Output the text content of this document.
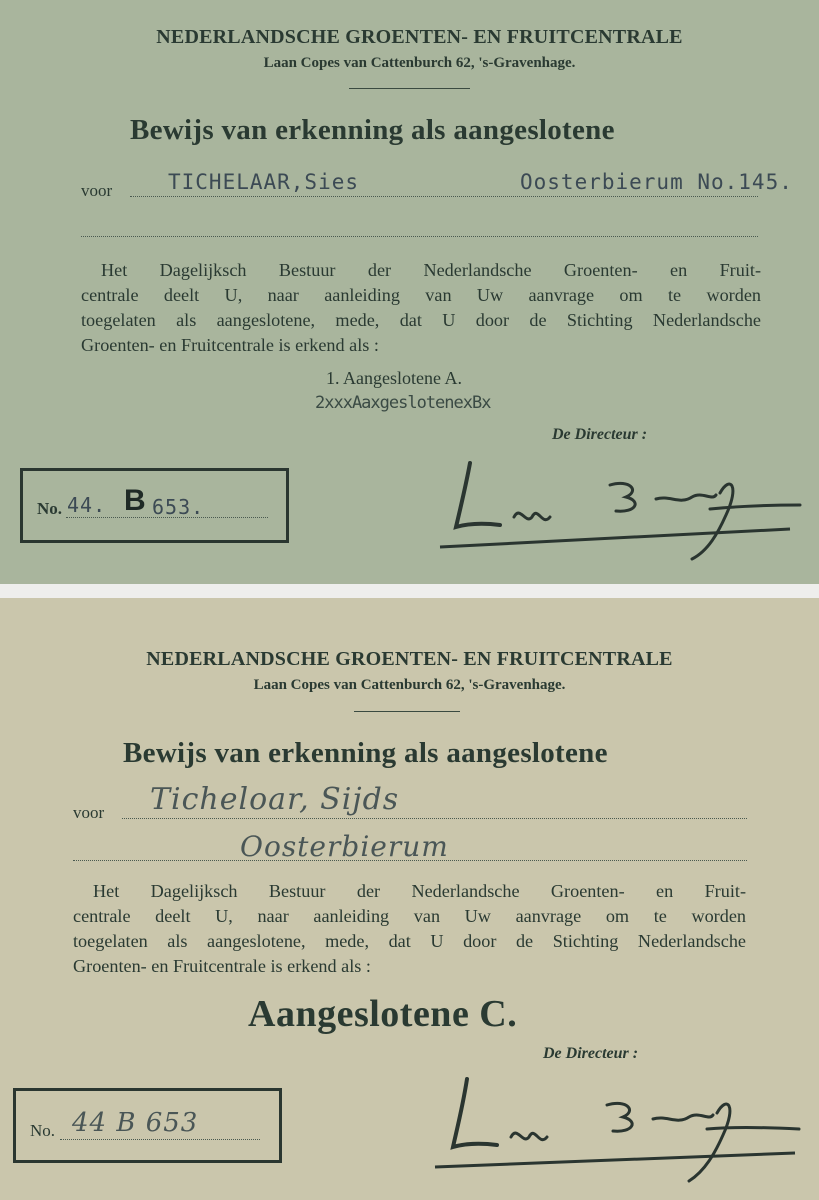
NEDERLANDSCHE GROENTEN- EN FRUITCENTRALE
Laan Copes van Cattenburch 62, 's-Gravenhage.
Bewijs van erkenning als aangeslotene
voor	TICHELAAR,Sies	Oosterbierum No.145.
Het Dagelijksch Bestuur der Nederlandsche Groenten- en Fruit-
centrale deelt U, naar aanleiding van Uw aanvrage om te worden
toegelaten als aangeslotene, mede, dat U door de Stichting Nederlandsche
Groenten- en Fruitcentrale is erkend als :
1. Aangeslotene A.
2xxxAaxgeslotenexBx
De Directeur :
No. 44. B 653.
NEDERLANDSCHE GROENTEN- EN FRUITCENTRALE
Laan Copes van Cattenburch 62, 's-Gravenhage.
Bewijs van erkenning als aangeslotene
voor Ticheloar, Sijds
Oosterbierum
Het Dagelijksch Bestuur der Nederlandsche Groenten- en Fruit-
centrale deelt U, naar aanleiding van Uw aanvrage om te worden
toegelaten als aangeslotene, mede, dat U door de Stichting Nederlandsche
Groenten- en Fruitcentrale is erkend als :
Aangeslotene C.
De Directeur :
No. 44 B 653
